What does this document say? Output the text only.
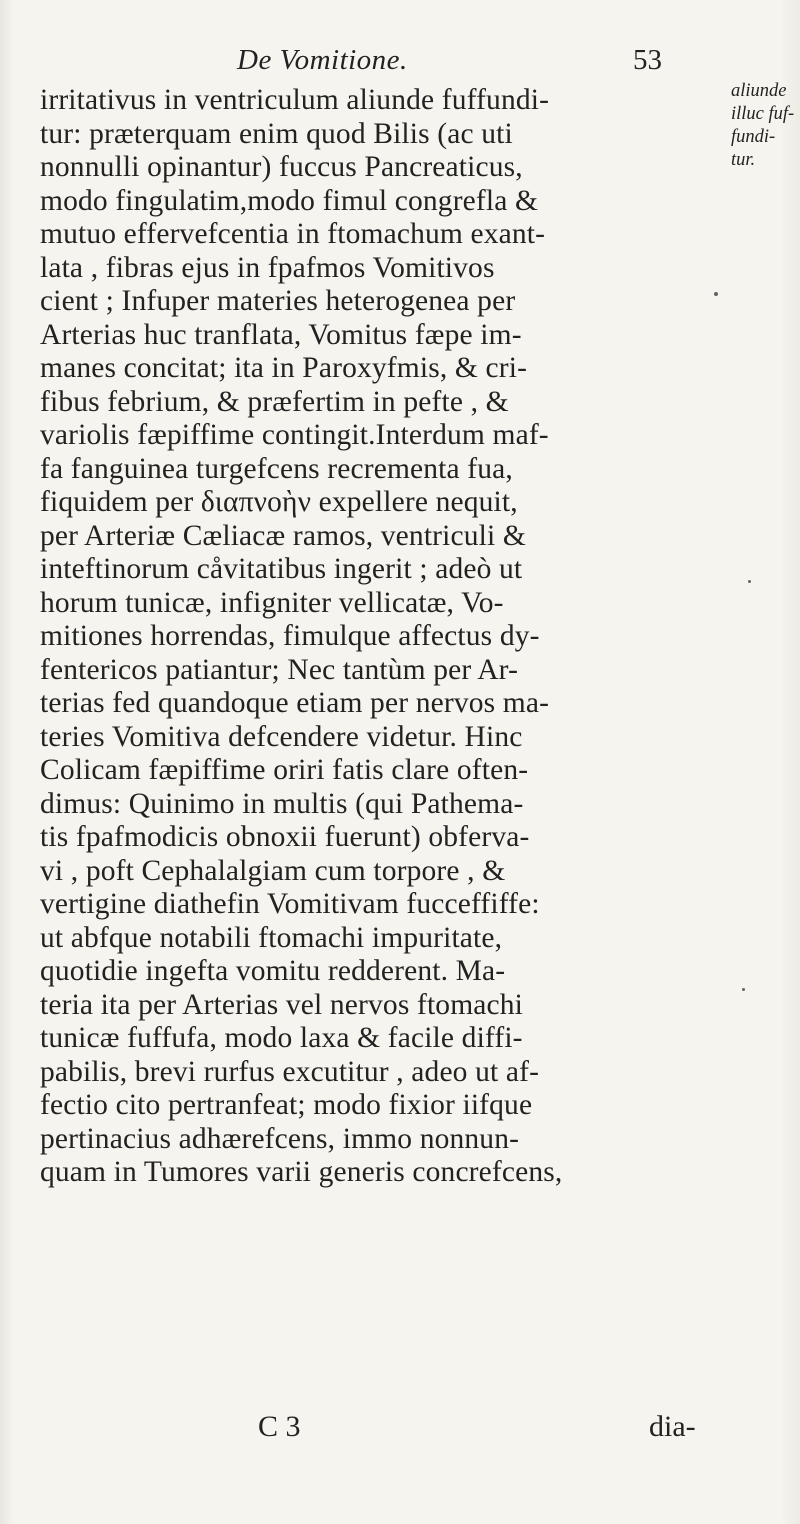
De Vomitione.	53
aliunde
illuc fuf-
fundi-
tur.
irritativus in ventriculum aliunde fuffundi-
tur: præterquam enim quod Bilis (ac uti
nonnulli opinantur) fuccus Pancreaticus,
modo fingulatim,modo fimul congrefla &
mutuo effervefcentia in ftomachum exant-
lata , fibras ejus in fpafmos Vomitivos
cient ; Infuper materies heterogenea per
Arterias huc tranflata, Vomitus fæpe im-
manes concitat; ita in Paroxyfmis, & cri-
fibus febrium, & præfertim in pefte , &
variolis fæpiffime contingit.Interdum maf-
fa fanguinea turgefcens recrementa fua,
fiquidem per διαπνοὴν expellere nequit,
per Arteriæ Cæliacæ ramos, ventriculi &
inteftinorum cåvitatibus ingerit ; adeò ut
horum tunicæ, infigniter vellicatæ, Vo-
mitiones horrendas, fimulque affectus dy-
fentericos patiantur; Nec tantùm per Ar-
terias fed quandoque etiam per nervos ma-
teries Vomitiva defcendere videtur. Hinc
Colicam fæpiffime oriri fatis clare often-
dimus: Quinimo in multis (qui Pathema-
tis fpafmodicis obnoxii fuerunt) obferva-
vi , poft Cephalalgiam cum torpore , &
vertigine diathefin Vomitivam fucceffiffe:
ut abfque notabili ftomachi impuritate,
quotidie ingefta vomitu redderent. Ma-
teria ita per Arterias vel nervos ftomachi
tunicæ fuffufa, modo laxa & facile diffi-
pabilis, brevi rurfus excutitur , adeo ut af-
fectio cito pertranfeat; modo fixior iifque
pertinacius adhærefcens, immo nonnun-
quam in Tumores varii generis concrefcens,
C 3	dia-
